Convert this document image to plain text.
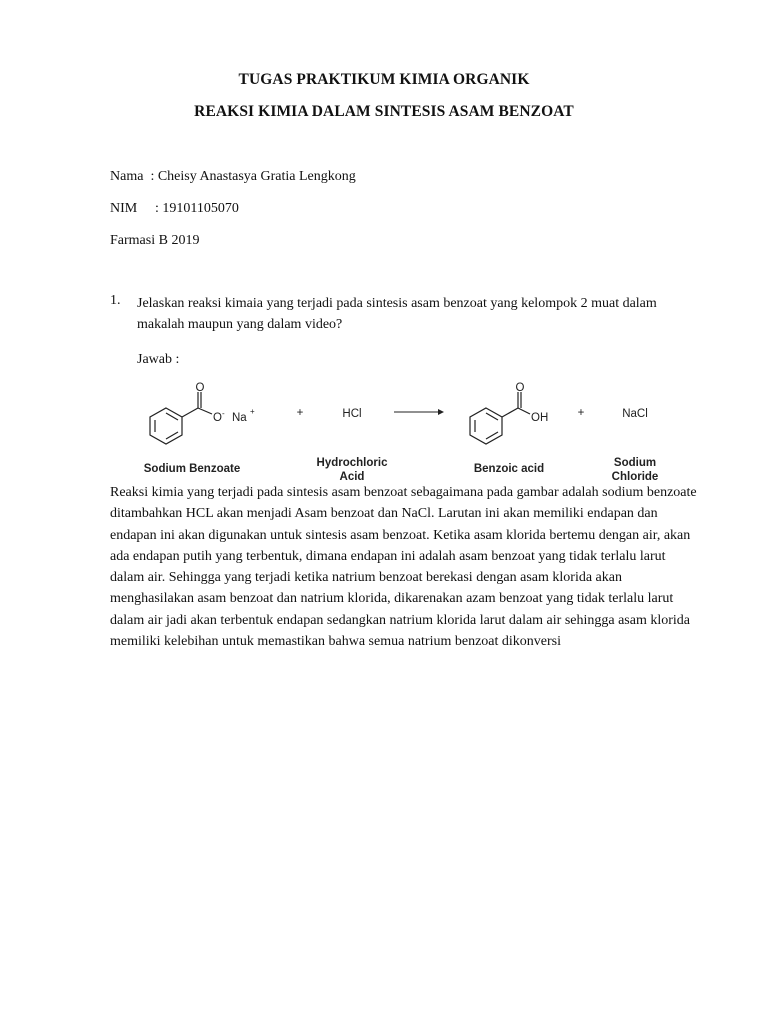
TUGAS PRAKTIKUM KIMIA ORGANIK
REAKSI KIMIA DALAM SINTESIS ASAM BENZOAT
Nama : Cheisy Anastasya Gratia Lengkong
NIM : 19101105070
Farmasi B 2019
1. Jelaskan reaksi kimaia yang terjadi pada sintesis asam benzoat yang kelompok 2 muat dalam makalah maupun yang dalam video?
Jawab :
O
O - Na
+
Sodium Benzoate
+	HCl
Hydrochloric
Acid
O
OH
Benzoic acid
+	NaCl
Sodium
Chloride
Reaksi kimia yang terjadi pada sintesis asam benzoat sebagaimana pada gambar adalah sodium benzoate ditambahkan HCL akan menjadi Asam benzoat dan NaCl. Larutan ini akan memiliki endapan dan endapan ini akan digunakan untuk sintesis asam benzoat. Ketika asam klorida bertemu dengan air, akan ada endapan putih yang terbentuk, dimana endapan ini adalah asam benzoat yang tidak terlalu larut dalam air. Sehingga yang terjadi ketika natrium benzoat berekasi dengan asam klorida akan menghasilakan asam benzoat dan natrium klorida, dikarenakan azam benzoat yang tidak terlalu larut dalam air jadi akan terbentuk endapan sedangkan natrium klorida larut dalam air sehingga asam klorida memiliki kelebihan untuk memastikan bahwa semua natrium benzoat dikonversi
